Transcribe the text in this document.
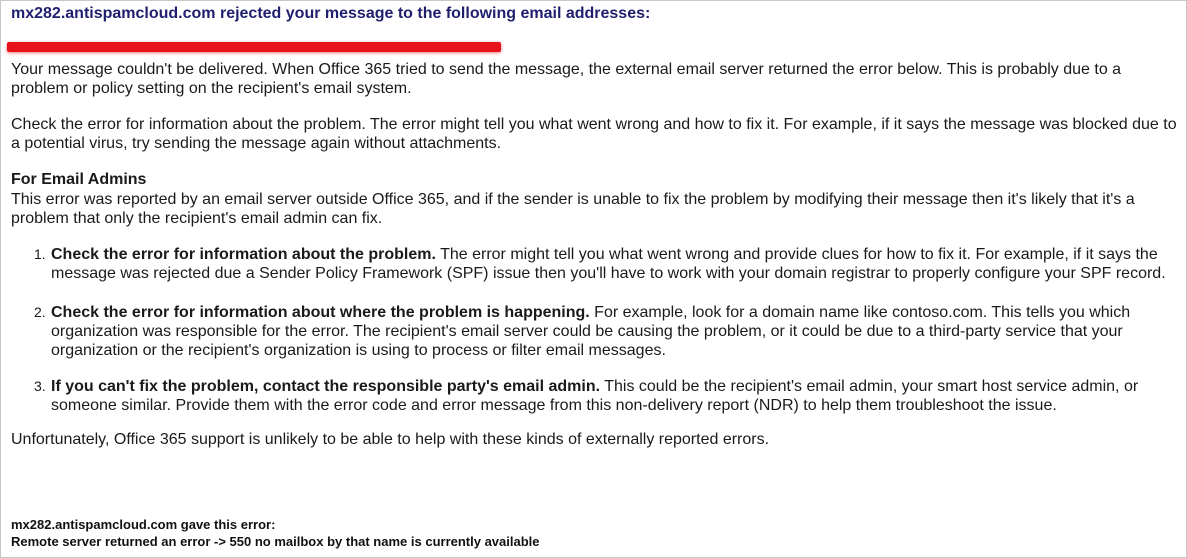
mx282.antispamcloud.com rejected your message to the following email addresses:

Your message couldn't be delivered. When Office 365 tried to send the message, the external email server returned the error below. This is probably due to a problem or policy setting on the recipient's email system.

Check the error for information about the problem. The error might tell you what went wrong and how to fix it. For example, if it says the message was blocked due to a potential virus, try sending the message again without attachments.

For Email Admins

This error was reported by an email server outside Office 365, and if the sender is unable to fix the problem by modifying their message then it's likely that it's a problem that only the recipient's email admin can fix.

1. Check the error for information about the problem. The error might tell you what went wrong and provide clues for how to fix it. For example, if it says the message was rejected due a Sender Policy Framework (SPF) issue then you'll have to work with your domain registrar to properly configure your SPF record.
2. Check the error for information about where the problem is happening. For example, look for a domain name like contoso.com. This tells you which organization was responsible for the error. The recipient's email server could be causing the problem, or it could be due to a third-party service that your organization or the recipient's organization is using to process or filter email messages.
3. If you can't fix the problem, contact the responsible party's email admin. This could be the recipient's email admin, your smart host service admin, or someone similar. Provide them with the error code and error message from this non-delivery report (NDR) to help them troubleshoot the issue.

Unfortunately, Office 365 support is unlikely to be able to help with these kinds of externally reported errors.

mx282.antispamcloud.com gave this error:
Remote server returned an error -> 550 no mailbox by that name is currently available
